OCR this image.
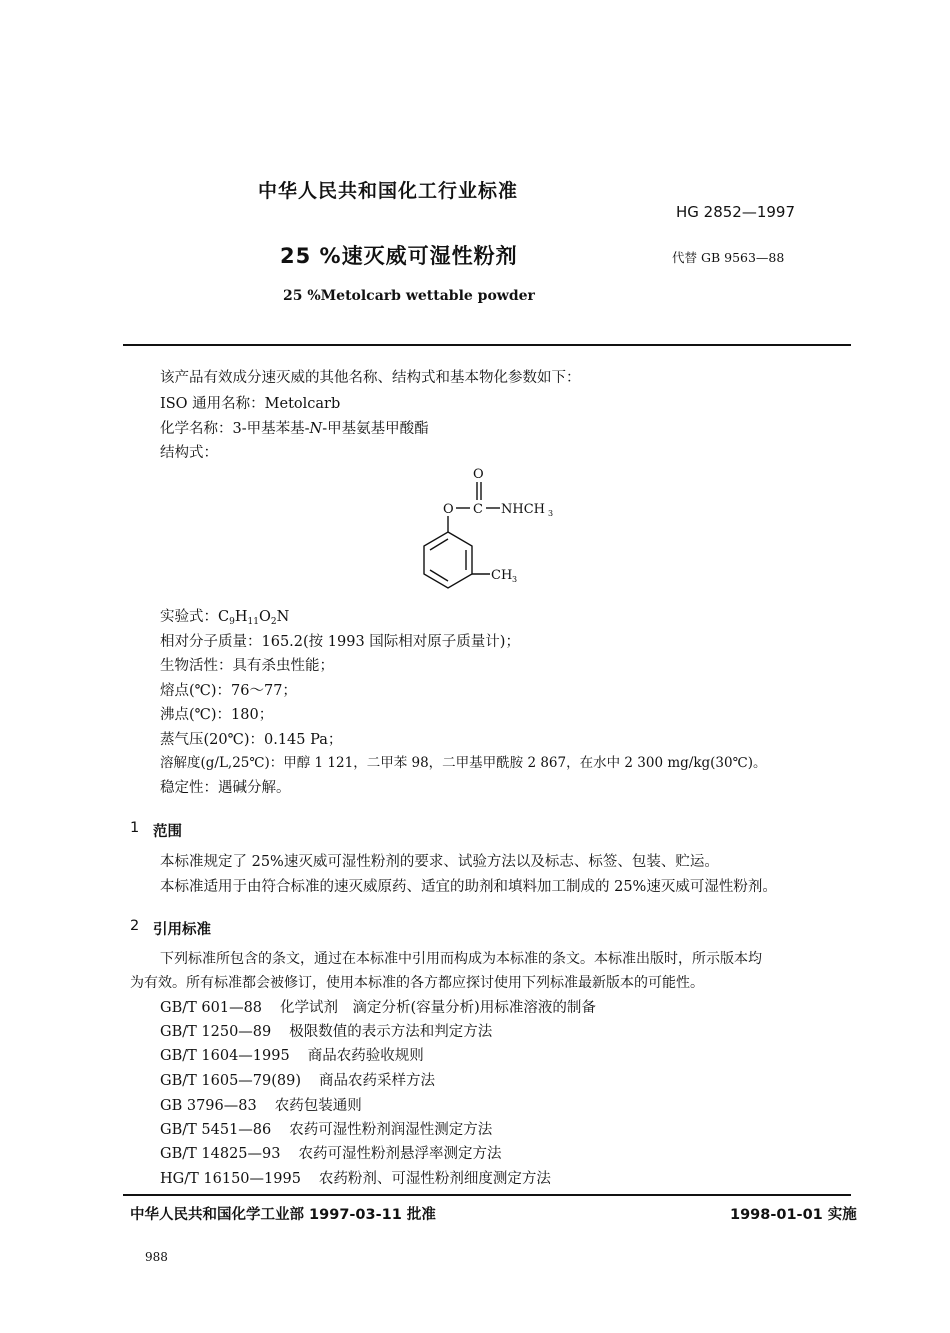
中华人民共和国化工行业标准
HG 2852—1997
25 %速灭威可湿性粉剂	代替 GB 9563—88
25 %Metolcarb wettable powder
该产品有效成分速灭威的其他名称、结构式和基本物化参数如下：
ISO 通用名称：Metolcarb
化学名称：3-甲基苯基-N-甲基氨基甲酸酯
结构式：
O
O C NHCH 3
CH 3
实验式：$C_9H_{11}O_2N$
相对分子质量：165.2(按 1993 国际相对原子质量计)；
生物活性：具有杀虫性能；
熔点(℃)：76～77；
沸点(℃)：180；
蒸气压(20℃)：0.145 Pa；
溶解度(g/L,25℃)：甲醇 1 121，二甲苯 98，二甲基甲酰胺 2 867，在水中 2 300 mg/kg(30℃)。
稳定性：遇碱分解。
1 范围
本标准规定了 25%速灭威可湿性粉剂的要求、试验方法以及标志、标签、包装、贮运。
本标准适用于由符合标准的速灭威原药、适宜的助剂和填料加工制成的 25%速灭威可湿性粉剂。
2 引用标准
下列标准所包含的条文，通过在本标准中引用而构成为本标准的条文。本标准出版时，所示版本均
为有效。所有标准都会被修订，使用本标准的各方都应探讨使用下列标准最新版本的可能性。
GB/T 601—88 化学试剂　滴定分析(容量分析)用标准溶液的制备
GB/T 1250—89 极限数值的表示方法和判定方法
GB/T 1604—1995 商品农药验收规则
GB/T 1605—79(89) 商品农药采样方法
GB 3796—83 农药包装通则
GB/T 5451—86 农药可湿性粉剂润湿性测定方法
GB/T 14825—93 农药可湿性粉剂悬浮率测定方法
HG/T 16150—1995 农药粉剂、可湿性粉剂细度测定方法
中华人民共和国化学工业部 1997-03-11 批准	1998-01-01 实施
988
